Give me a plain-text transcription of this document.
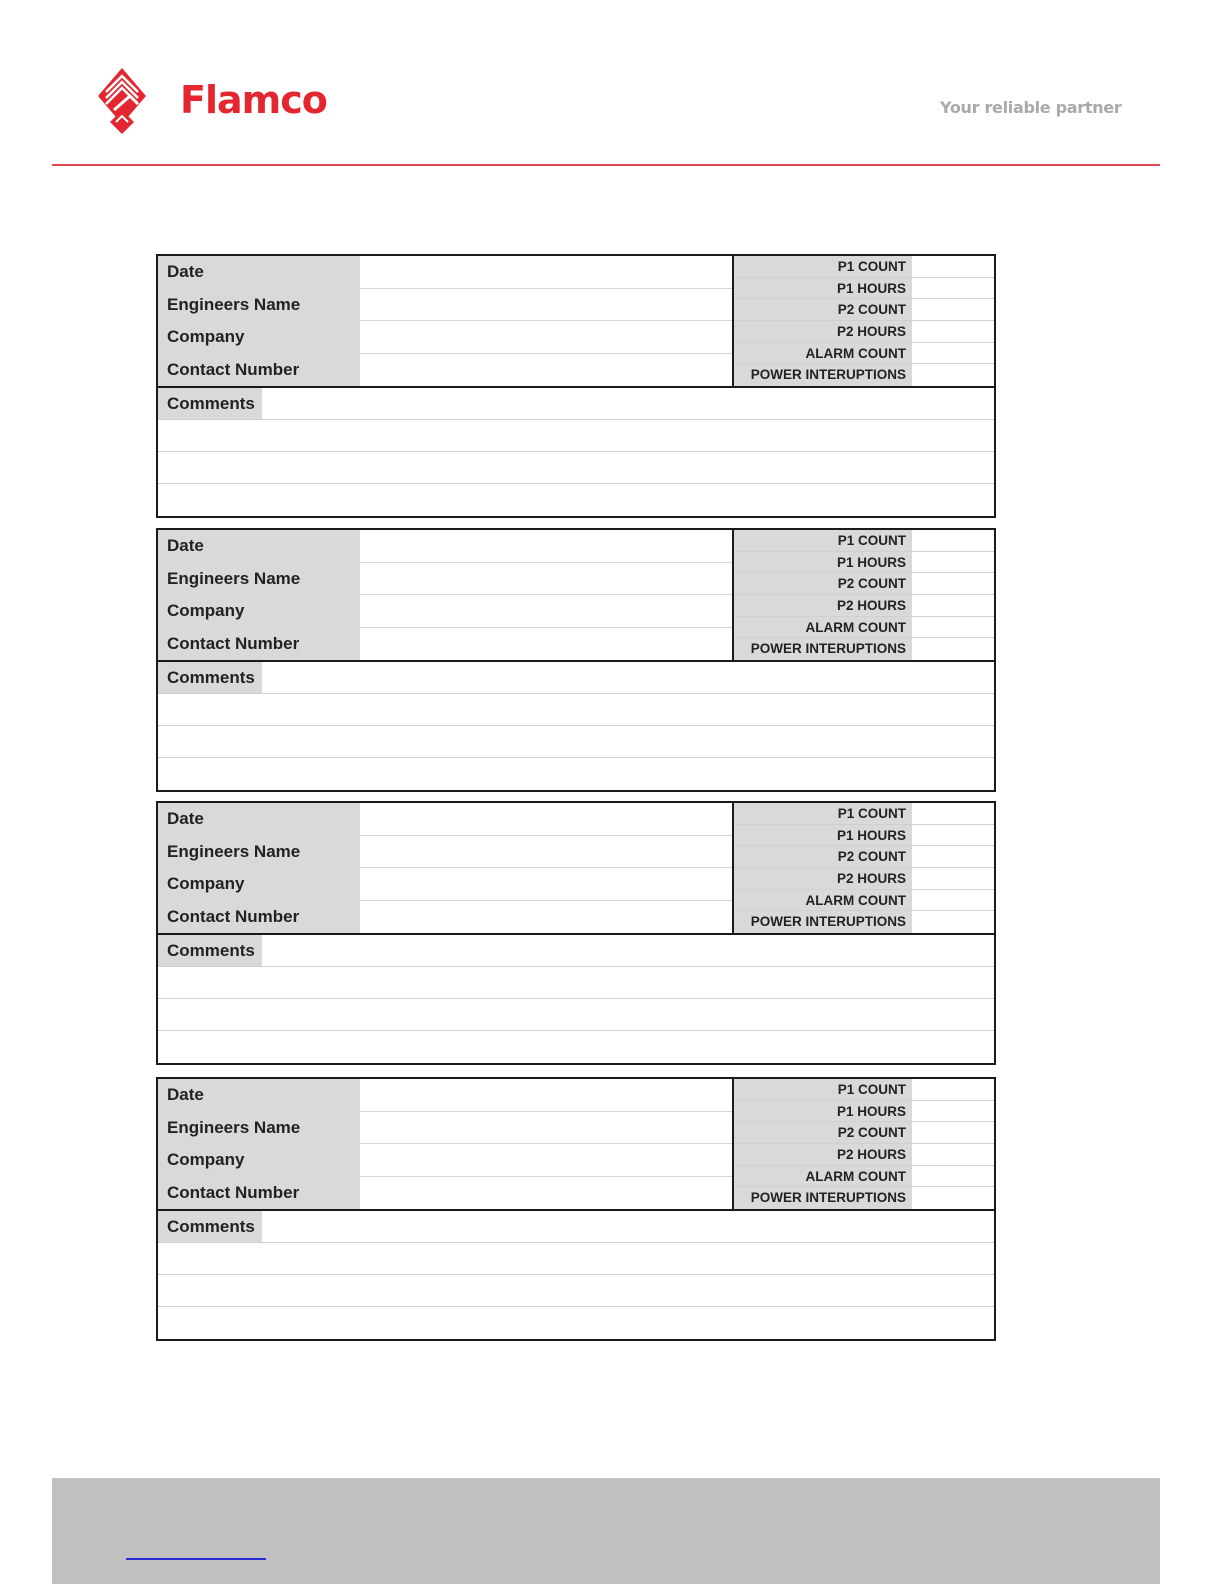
Flamco	Your reliable partner
Date
Engineers Name
Company
Contact Number
P1 COUNT
P1 HOURS
P2 COUNT
P2 HOURS
ALARM COUNT
POWER INTERUPTIONS
Comments
Date
Engineers Name
Company
Contact Number
P1 COUNT
P1 HOURS
P2 COUNT
P2 HOURS
ALARM COUNT
POWER INTERUPTIONS
Comments
Date
Engineers Name
Company
Contact Number
P1 COUNT
P1 HOURS
P2 COUNT
P2 HOURS
ALARM COUNT
POWER INTERUPTIONS
Comments
Date
Engineers Name
Company
Contact Number
P1 COUNT
P1 HOURS
P2 COUNT
P2 HOURS
ALARM COUNT
POWER INTERUPTIONS
Comments
